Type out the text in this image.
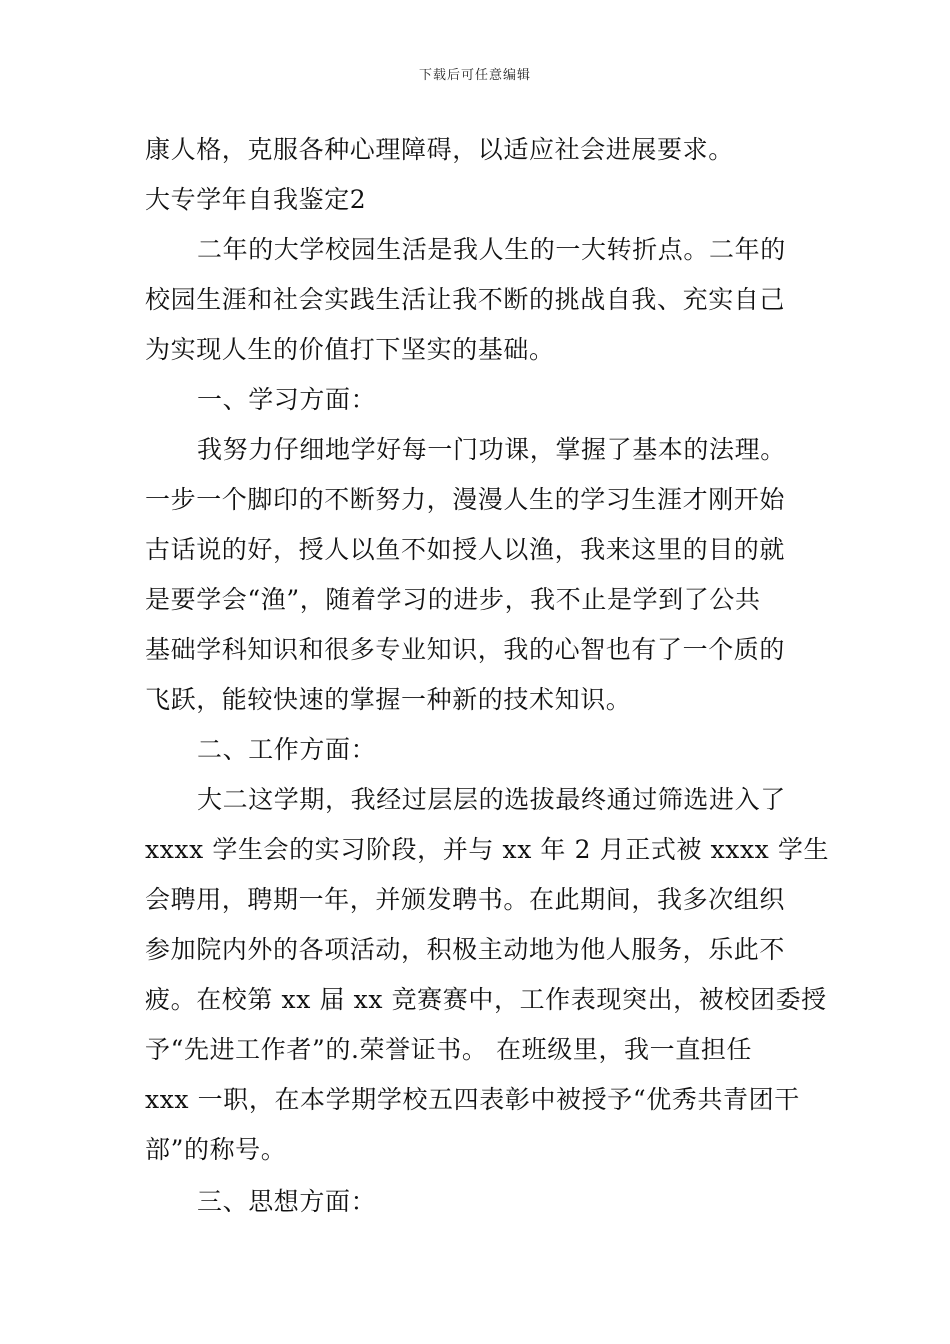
下载后可任意编辑
康人格，克服各种心理障碍，以适应社会进展要求。
大专学年自我鉴定2
二年的大学校园生活是我人生的一大转折点。二年的
校园生涯和社会实践生活让我不断的挑战自我、充实自己
为实现人生的价值打下坚实的基础。
一、学习方面：
我努力仔细地学好每一门功课，掌握了基本的法理。
一步一个脚印的不断努力，漫漫人生的学习生涯才刚开始
古话说的好，授人以鱼不如授人以渔，我来这里的目的就
是要学会“渔”，随着学习的进步，我不止是学到了公共
基础学科知识和很多专业知识，我的心智也有了一个质的
飞跃，能较快速的掌握一种新的技术知识。
二、工作方面：
大二这学期，我经过层层的选拔最终通过筛选进入了
xxxx 学生会的实习阶段，并与 xx 年 2 月正式被 xxxx 学生
会聘用，聘期一年，并颁发聘书。在此期间，我多次组织
参加院内外的各项活动，积极主动地为他人服务，乐此不
疲。在校第 xx 届 xx 竞赛赛中，工作表现突出，被校团委授
予“先进工作者”的.荣誉证书。 在班级里，我一直担任
xxx 一职，在本学期学校五四表彰中被授予“优秀共青团干
部”的称号。
三、思想方面：
